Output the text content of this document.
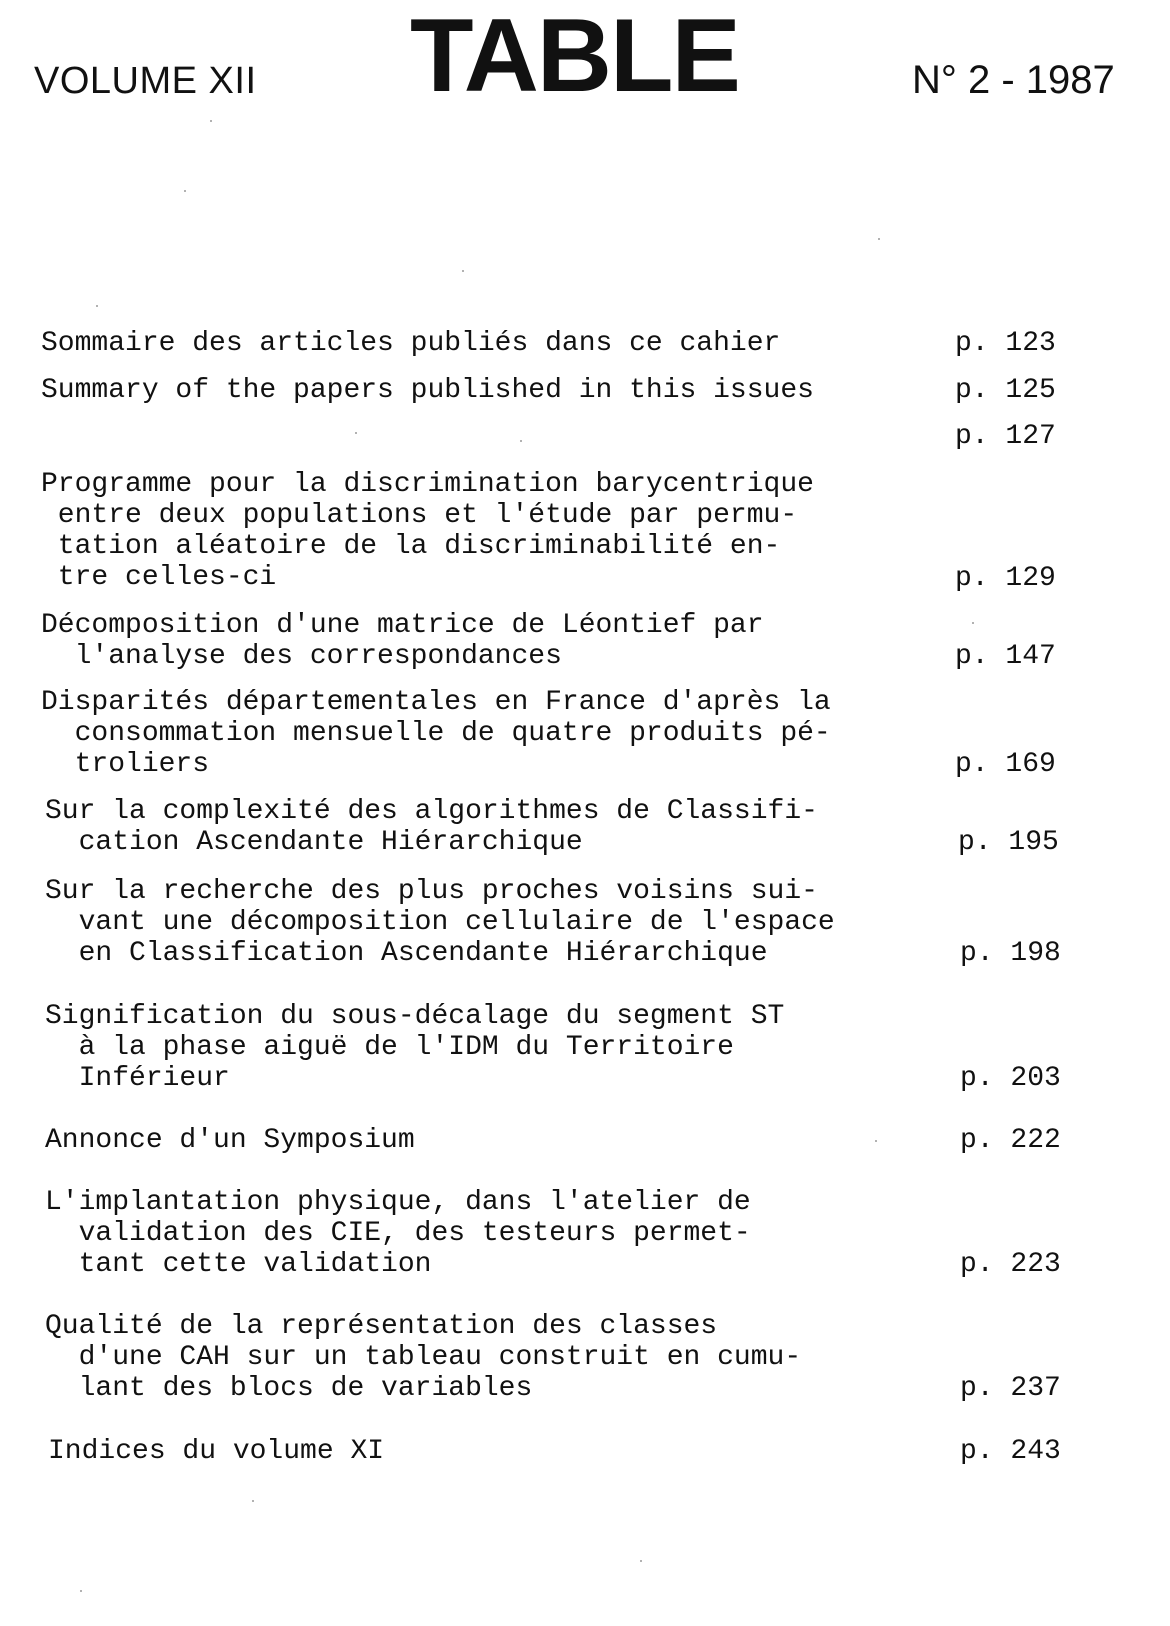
VOLUME XII TABLE	N° 2 - 1987
Sommaire des articles publiés dans ce cahier	p. 123
Summary of the papers published in this issues	p. 125
p. 127
Programme pour la discrimination barycentrique
entre deux populations et l'étude par permu-
tation aléatoire de la discriminabilité en-
tre celles-ci	p. 129
Décomposition d'une matrice de Léontief par
l'analyse des correspondances	p. 147
Disparités départementales en France d'après la
consommation mensuelle de quatre produits pé-
troliers	p. 169
Sur la complexité des algorithmes de Classifi-
cation Ascendante Hiérarchique	p. 195
Sur la recherche des plus proches voisins sui-
vant une décomposition cellulaire de l'espace
en Classification Ascendante Hiérarchique	p. 198
Signification du sous-décalage du segment ST
à la phase aiguë de l'IDM du Territoire
Inférieur	p. 203
Annonce d'un Symposium	p. 222
L'implantation physique, dans l'atelier de
validation des CIE, des testeurs permet-
tant cette validation	p. 223
Qualité de la représentation des classes
d'une CAH sur un tableau construit en cumu-
lant des blocs de variables	p. 237
Indices du volume XI	p. 243
